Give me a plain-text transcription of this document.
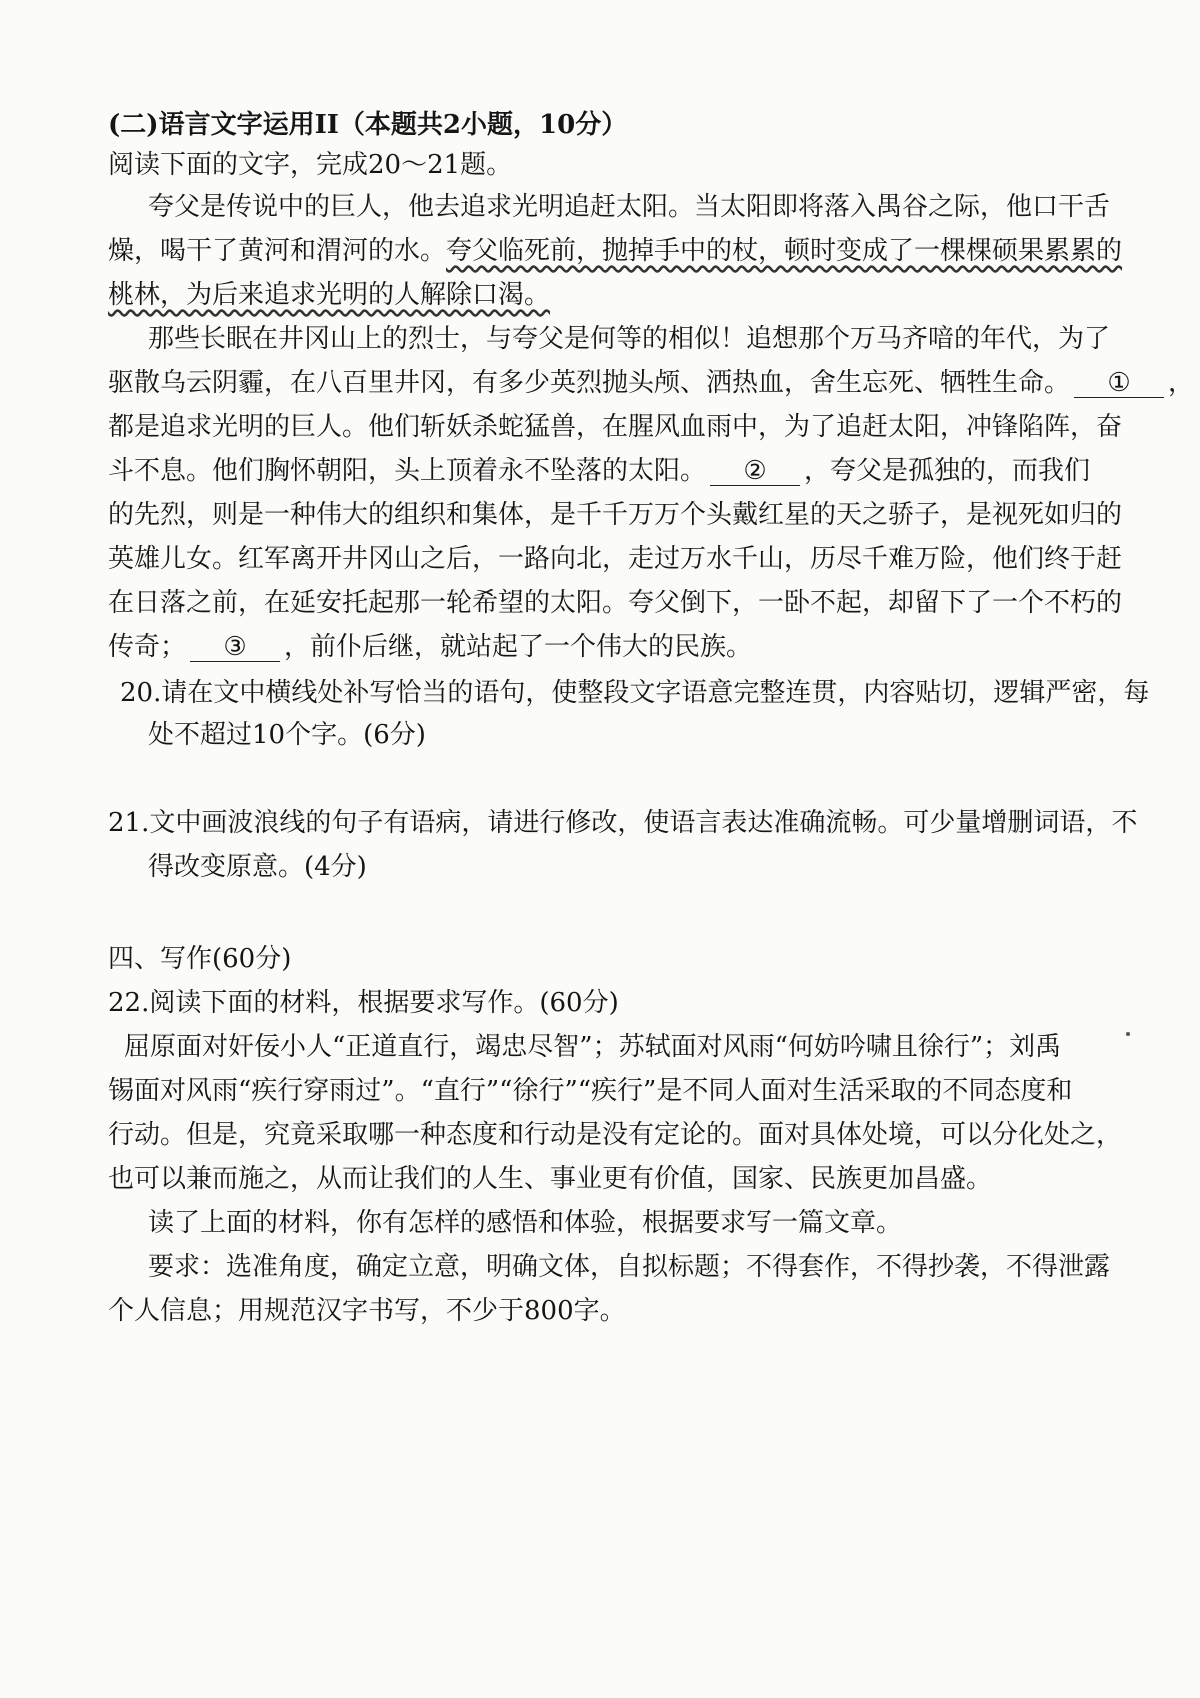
(二)语言文字运用II（本题共2小题，10分）
阅读下面的文字，完成20～21题。
夸父是传说中的巨人，他去追求光明追赶太阳。当太阳即将落入禺谷之际，他口干舌
燥，喝干了黄河和渭河的水。夸父临死前，抛掉手中的杖，顿时变成了一棵棵硕果累累的
桃林，为后来追求光明的人解除口渴。
那些长眠在井冈山上的烈士，与夸父是何等的相似！追想那个万马齐喑的年代，为了
驱散乌云阴霾，在八百里井冈，有多少英烈抛头颅、洒热血，舍生忘死、牺牲生命。 ① ，
都是追求光明的巨人。他们斩妖杀蛇猛兽，在腥风血雨中，为了追赶太阳，冲锋陷阵，奋
斗不息。他们胸怀朝阳，头上顶着永不坠落的太阳。 ② ，夸父是孤独的，而我们
的先烈，则是一种伟大的组织和集体，是千千万万个头戴红星的天之骄子，是视死如归的
英雄儿女。红军离开井冈山之后，一路向北，走过万水千山，历尽千难万险，他们终于赶
在日落之前，在延安托起那一轮希望的太阳。夸父倒下，一卧不起，却留下了一个不朽的
传奇； ③ ，前仆后继，就站起了一个伟大的民族。
20.请在文中横线处补写恰当的语句，使整段文字语意完整连贯，内容贴切，逻辑严密，每
处不超过10个字。(6分)
21.文中画波浪线的句子有语病，请进行修改，使语言表达准确流畅。可少量增删词语，不
得改变原意。(4分)
四、写作(60分)
22.阅读下面的材料，根据要求写作。(60分)
屈原面对奸佞小人“正道直行，竭忠尽智”；苏轼面对风雨“何妨吟啸且徐行”；刘禹
锡面对风雨“疾行穿雨过”。“直行”“徐行”“疾行”是不同人面对生活采取的不同态度和
行动。但是，究竟采取哪一种态度和行动是没有定论的。面对具体处境，可以分化处之，
也可以兼而施之，从而让我们的人生、事业更有价值，国家、民族更加昌盛。
读了上面的材料，你有怎样的感悟和体验，根据要求写一篇文章。
要求：选准角度，确定立意，明确文体，自拟标题；不得套作，不得抄袭，不得泄露
个人信息；用规范汉字书写，不少于800字。
